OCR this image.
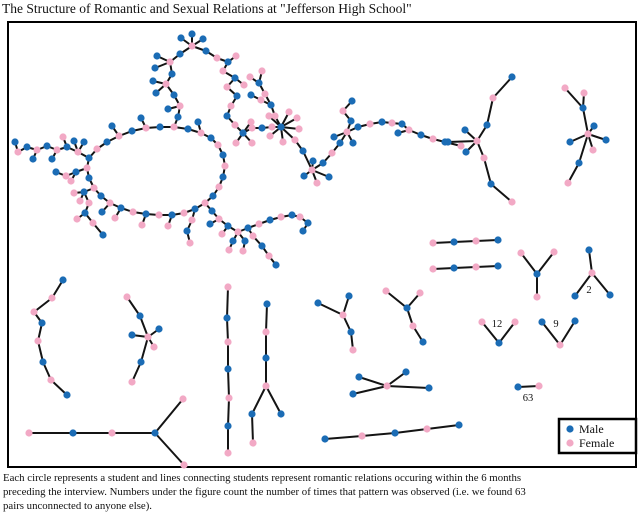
The Structure of Romantic and Sexual Relations at "Jefferson High School"
2
12	9
63
Male
Female
Each circle represents a student and lines connecting students represent romantic relations occuring within the 6 months
preceding the interview. Numbers under the figure count the number of times that pattern was observed (i.e. we found 63
pairs unconnected to anyone else).
